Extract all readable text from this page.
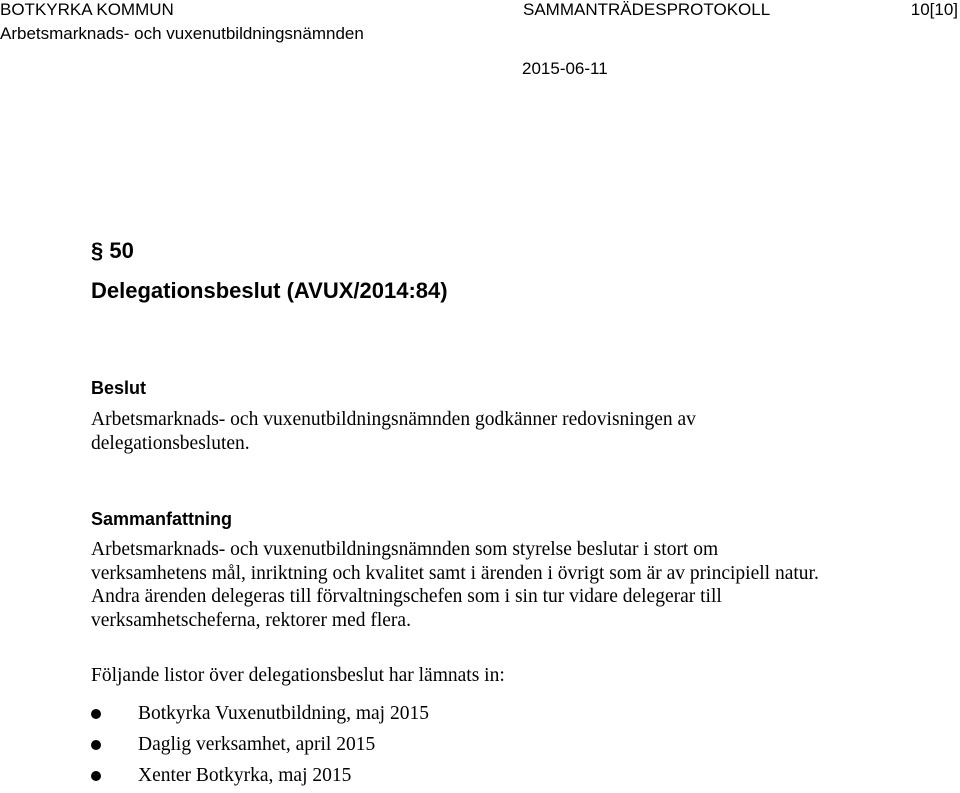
BOTKYRKA KOMMUN	SAMMANTRÄDESPROTOKOLL	10[10]
Arbetsmarknads- och vuxenutbildningsnämnden
2015-06-11
§ 50
Delegationsbeslut (AVUX/2014:84)
Beslut
Arbetsmarknads- och vuxenutbildningsnämnden godkänner redovisningen av delegationsbesluten.
Sammanfattning
Arbetsmarknads- och vuxenutbildningsnämnden som styrelse beslutar i stort om verksamhetens mål, inriktning och kvalitet samt i ärenden i övrigt som är av principiell natur. Andra ärenden delegeras till förvaltningschefen som i sin tur vidare delegerar till verksamhetscheferna, rektorer med flera.
Följande listor över delegationsbeslut har lämnats in:
Botkyrka Vuxenutbildning, maj 2015
Daglig verksamhet, april 2015
Xenter Botkyrka, maj 2015
